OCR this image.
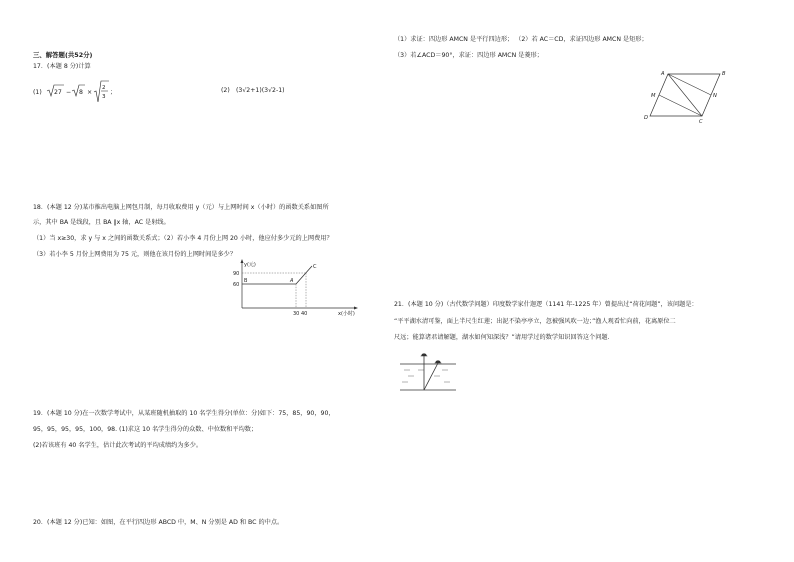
三、解答题(共52分)
17．(本题 8 分)计算
(1) 27 − 8 ×
2
3
；	(2) (3√2+1)(3√2-1)
18．(本题 12 分)某市推出电脑上网包月制，每月收取费用 y（元）与上网时间 x（小时）的函数关系如图所
示，其中 BA 是线段，且 BA ∥x 轴，AC 是射线。
（1）当 x≥30，求 y 与 x 之间的函数关系式；（2）若小李 4 月份上网 20 小时，他应付多少元的上网费用？
（3）若小李 5 月份上网费用为 75 元，则他在该月份的上网时间是多少？
y(元)
x(小时)
90
60
30 40
B	A
C
19．(本题 10 分)在一次数学考试中，从某班随机抽取的 10 名学生得分(单位：分)如下：75，85，90，90，
95，95，95，95，100，98. (1)求这 10 名学生得分的众数、中位数和平均数；
(2)若该班有 40 名学生，估计此次考试的平均成绩约为多少。
20．(本题 12 分)已知：如图，在平行四边形 ABCD 中，M、N 分别是 AD 和 BC 的中点。
（1）求证：四边形 AMCN 是平行四边形； （2）若 AC＝CD，求证四边形 AMCN 是矩形；
（3）若∠ACD＝90°，求证：四边形 AMCN 是菱形；
A	B
C
D
M	N
21．(本题 10 分)（古代数学问题）印度数学家什迦逻（1141 年-1225 年）曾提出过“荷花问题”，该问题是：
“平平湖水清可鉴，面上半尺生红莲；出泥不染亭亭立，忽被强风吹一边；”渔人观看忙向前，花离原位二
尺远；能算诸君请解题，湖水如何知深浅？”请用学过的数学知识回答这个问题.
